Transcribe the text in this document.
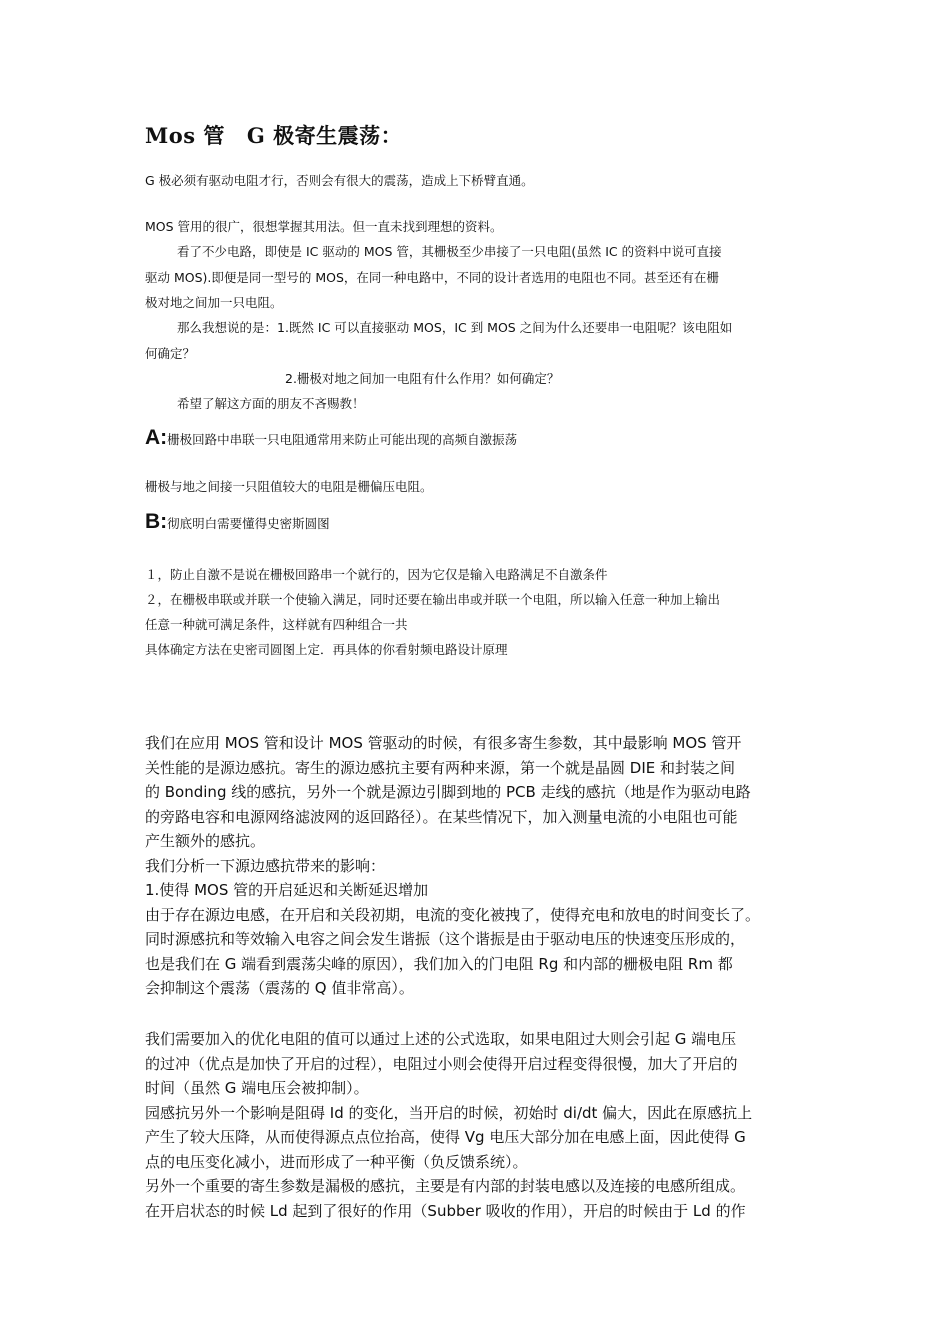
Mos 管 G 极寄生震荡：
G 极必须有驱动电阻才行，否则会有很大的震荡，造成上下桥臂直通。
MOS 管用的很广，很想掌握其用法。但一直未找到理想的资料。
看了不少电路，即使是 IC 驱动的 MOS 管，其栅极至少串接了一只电阻(虽然 IC 的资料中说可直接
驱动 MOS).即便是同一型号的 MOS，在同一种电路中，不同的设计者选用的电阻也不同。甚至还有在栅
极对地之间加一只电阻。
那么我想说的是：1.既然 IC 可以直接驱动 MOS，IC 到 MOS 之间为什么还要串一电阻呢？该电阻如
何确定？
2.栅极对地之间加一电阻有什么作用？如何确定？
希望了解这方面的朋友不吝赐教！
A:栅极回路中串联一只电阻通常用来防止可能出现的高频自激振荡
栅极与地之间接一只阻值较大的电阻是栅偏压电阻。
B:彻底明白需要懂得史密斯圆图
１，防止自激不是说在栅极回路串一个就行的，因为它仅是输入电路满足不自激条件
２，在栅极串联或并联一个使输入满足，同时还要在输出串或并联一个电阻，所以输入任意一种加上输出
任意一种就可满足条件，这样就有四种组合一共
具体确定方法在史密司圆图上定．再具体的你看射频电路设计原理
我们在应用 MOS 管和设计 MOS 管驱动的时候，有很多寄生参数，其中最影响 MOS 管开
关性能的是源边感抗。寄生的源边感抗主要有两种来源，第一个就是晶圆 DIE 和封装之间
的 Bonding 线的感抗，另外一个就是源边引脚到地的 PCB 走线的感抗（地是作为驱动电路
的旁路电容和电源网络滤波网的返回路径）。在某些情况下，加入测量电流的小电阻也可能
产生额外的感抗。
我们分析一下源边感抗带来的影响：
1.使得 MOS 管的开启延迟和关断延迟增加
由于存在源边电感，在开启和关段初期，电流的变化被拽了，使得充电和放电的时间变长了。
同时源感抗和等效输入电容之间会发生谐振（这个谐振是由于驱动电压的快速变压形成的，
也是我们在 G 端看到震荡尖峰的原因），我们加入的门电阻 Rg 和内部的栅极电阻 Rm 都
会抑制这个震荡（震荡的 Q 值非常高）。
我们需要加入的优化电阻的值可以通过上述的公式选取，如果电阻过大则会引起 G 端电压
的过冲（优点是加快了开启的过程），电阻过小则会使得开启过程变得很慢，加大了开启的
时间（虽然 G 端电压会被抑制）。
园感抗另外一个影响是阻碍 Id 的变化，当开启的时候，初始时 di/dt 偏大，因此在原感抗上
产生了较大压降，从而使得源点点位抬高，使得 Vg 电压大部分加在电感上面，因此使得 G
点的电压变化减小，进而形成了一种平衡（负反馈系统）。
另外一个重要的寄生参数是漏极的感抗，主要是有内部的封装电感以及连接的电感所组成。
在开启状态的时候 Ld 起到了很好的作用（Subber 吸收的作用），开启的时候由于 Ld 的作
